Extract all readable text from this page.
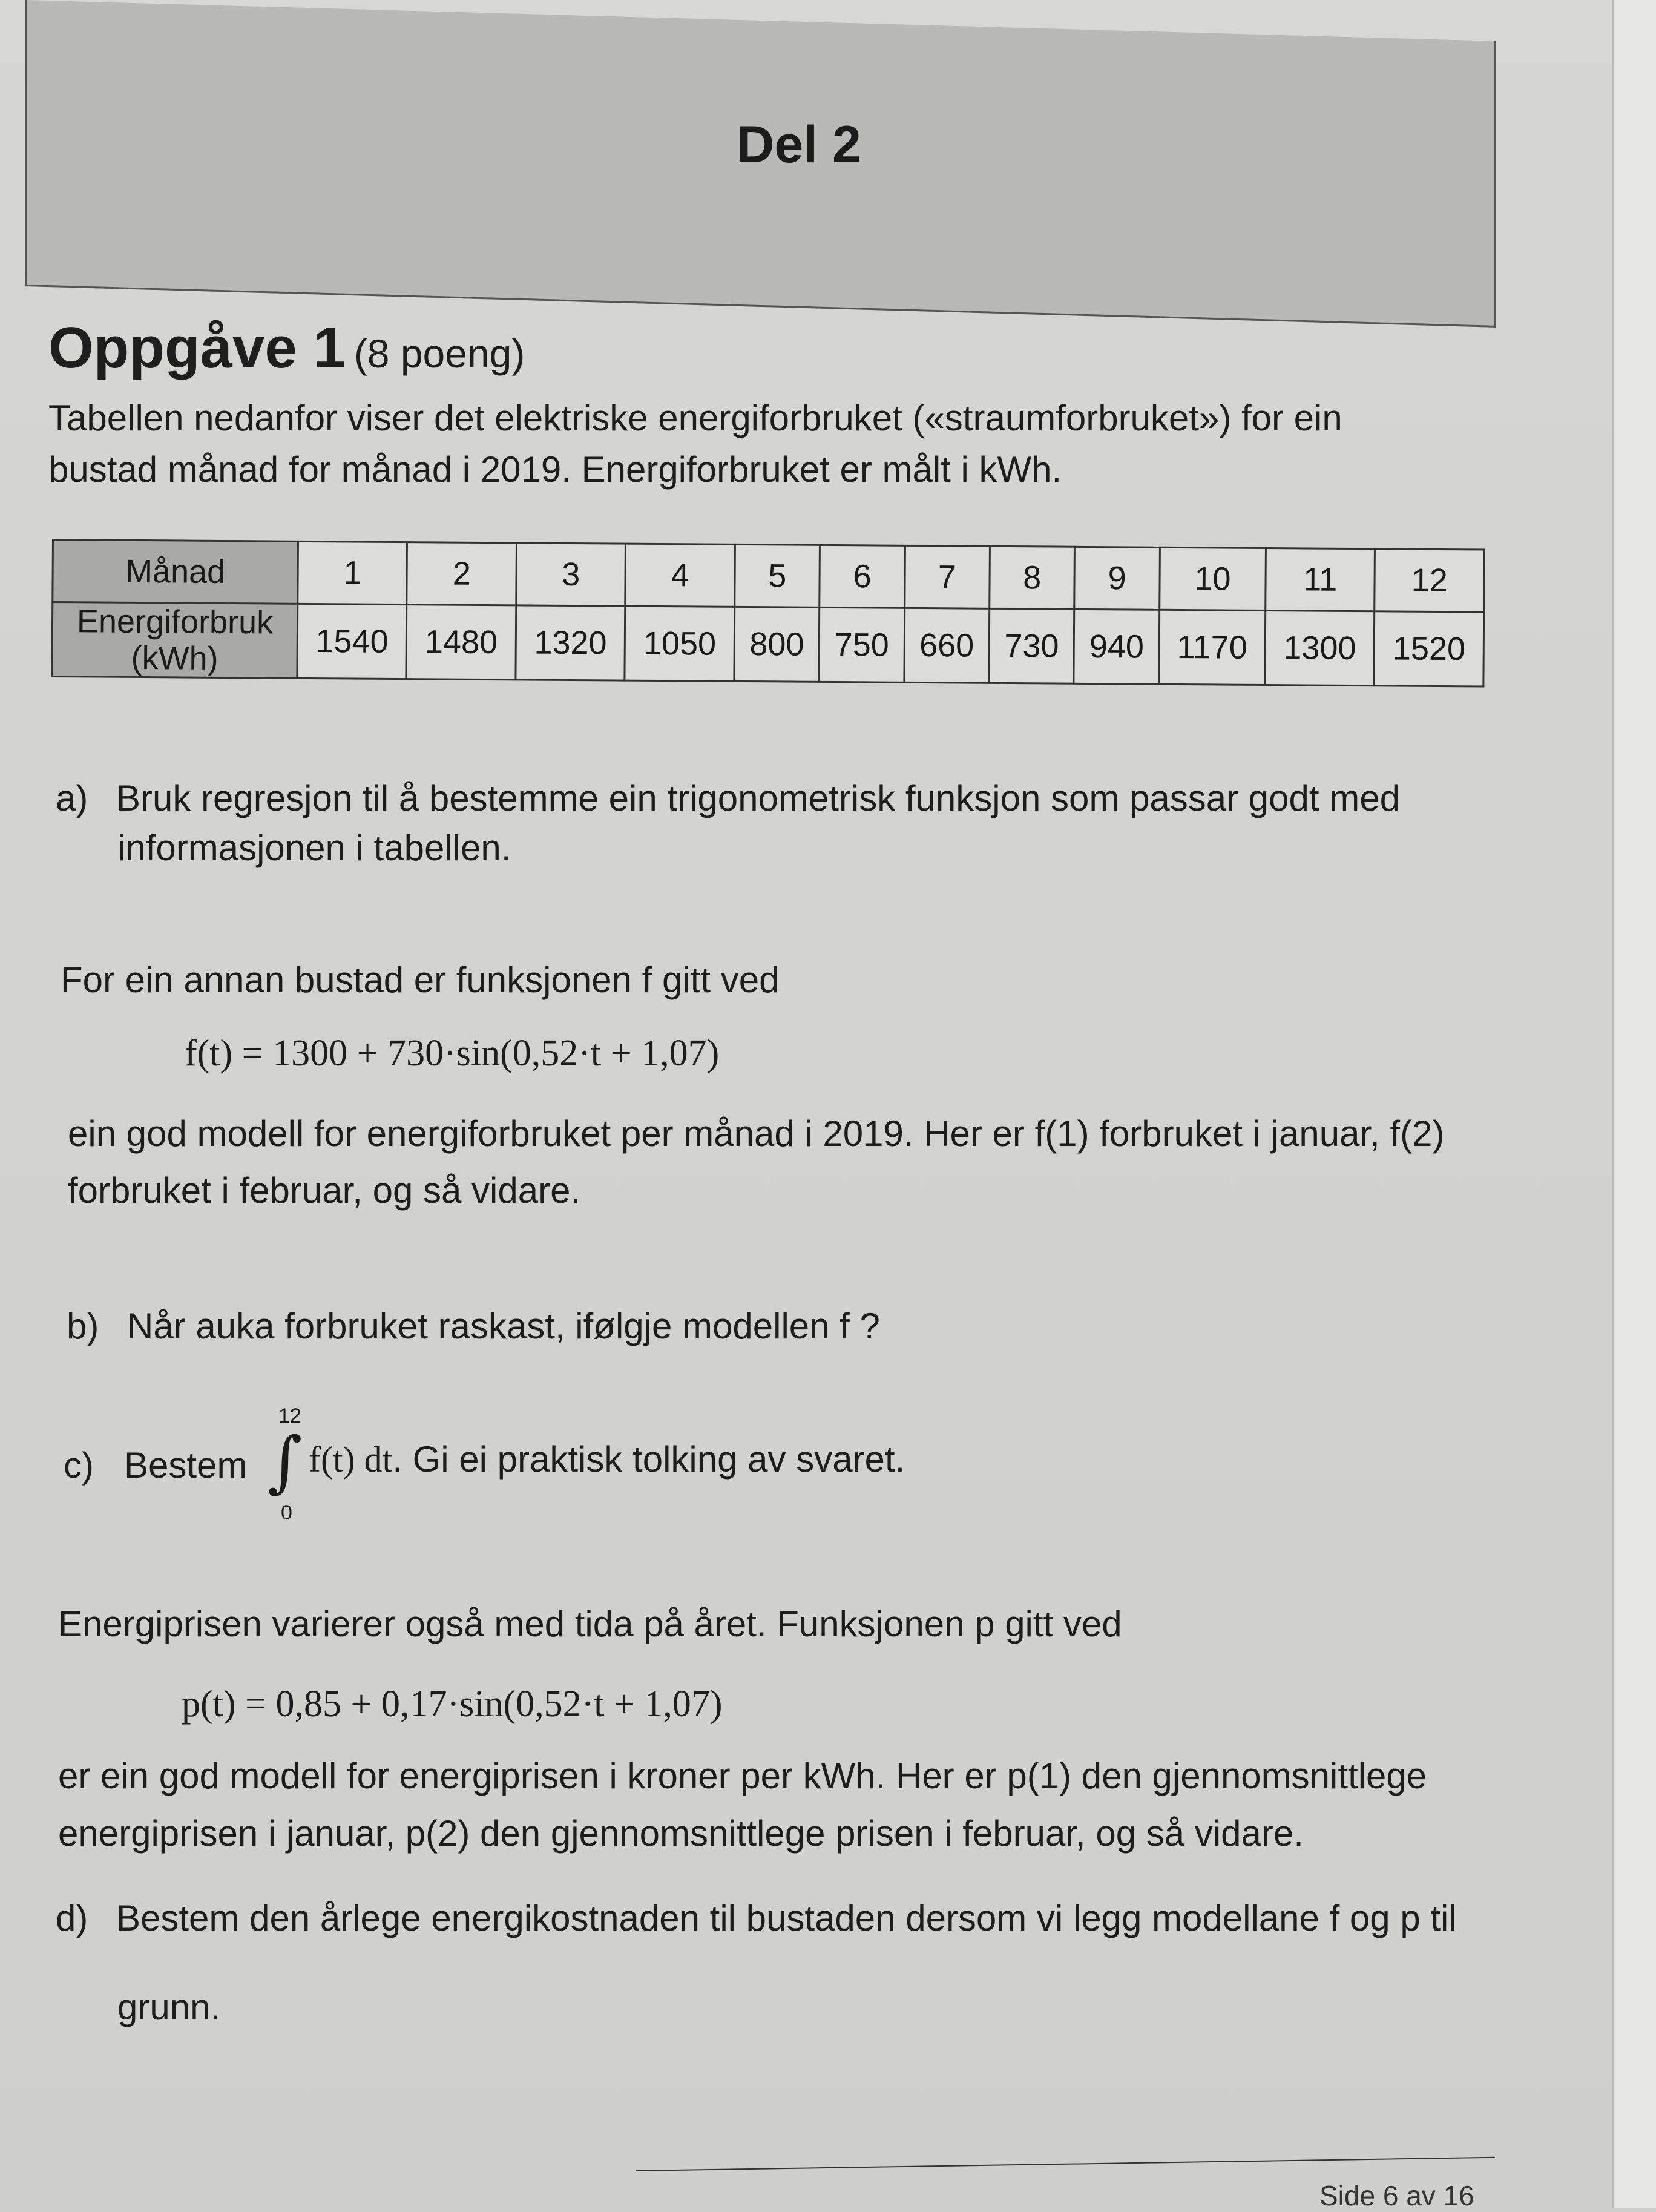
Del 2
Oppgåve 1 (8 poeng)
Tabellen nedanfor viser det elektriske energiforbruket («straumforbruket») for ein
bustad månad for månad i 2019. Energiforbruket er målt i kWh.
Månad	1	2	3	4	5	6	7	8	9	10	11	12

Energiforbruk
(kWh)	1540	1480	1320	1050	800	750	660	730	940	1170	1300	1520
a) Bruk regresjon til å bestemme ein trigonometrisk funksjon som passar godt med
informasjonen i tabellen.
For ein annan bustad er funksjonen f gitt ved
f(t) = 1300 + 730·sin(0,52·t + 1,07)
ein god modell for energiforbruket per månad i 2019. Her er f(1) forbruket i januar, f(2)
forbruket i februar, og så vidare.
b) Når auka forbruket raskast, ifølgje modellen f ?
c) Bestem
12
∫
0
f(t) dt. Gi ei praktisk tolking av svaret.
Energiprisen varierer også med tida på året. Funksjonen p gitt ved
p(t) = 0,85 + 0,17·sin(0,52·t + 1,07)
er ein god modell for energiprisen i kroner per kWh. Her er p(1) den gjennomsnittlege
energiprisen i januar, p(2) den gjennomsnittlege prisen i februar, og så vidare.
d) Bestem den årlege energikostnaden til bustaden dersom vi legg modellane f og p til
grunn.
Side 6 av 16
